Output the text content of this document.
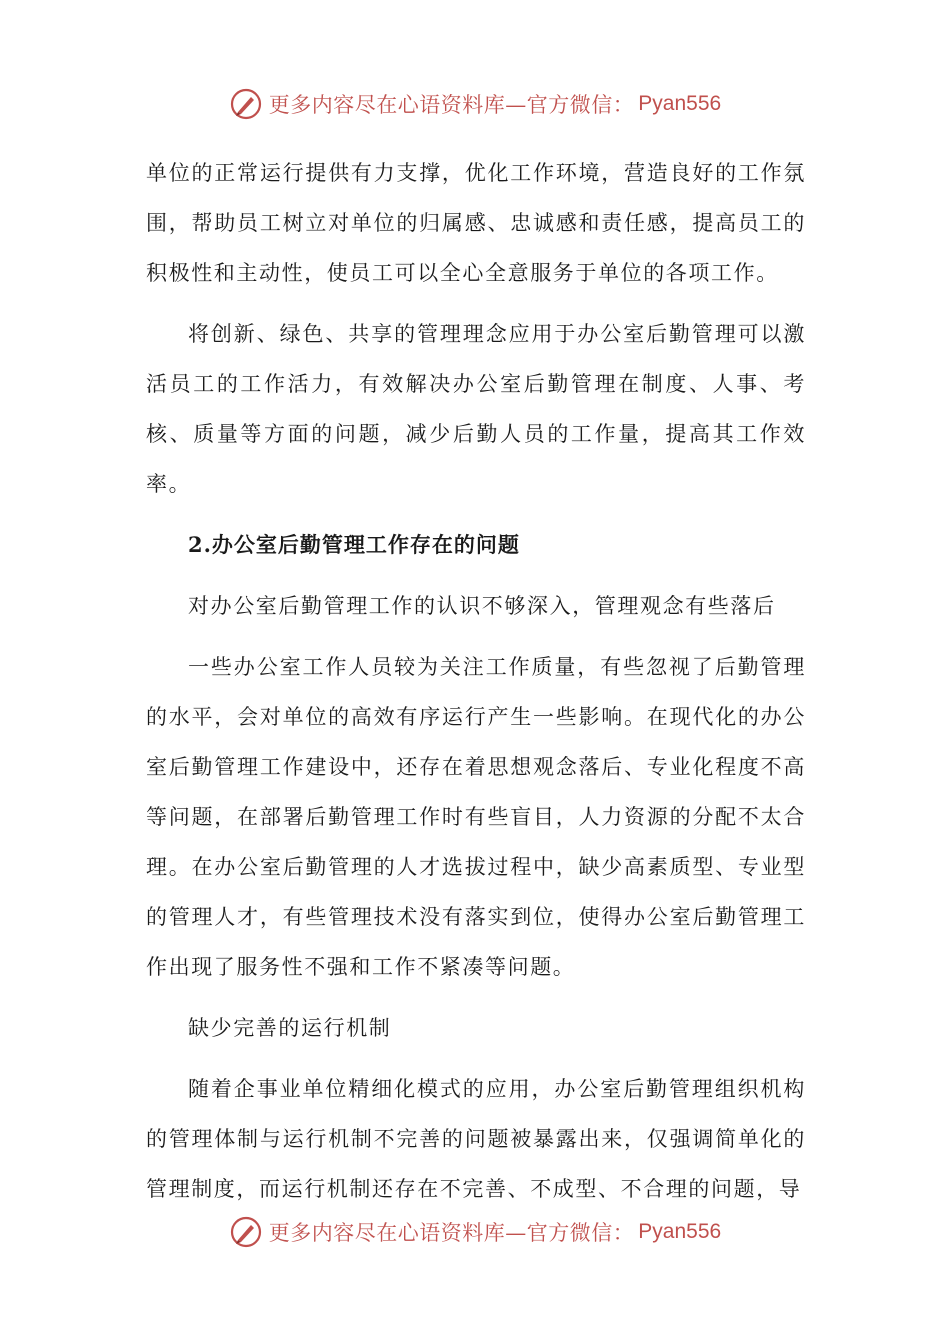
更多内容尽在心语资料库—官方微信： Pyan556

单位的正常运行提供有力支撑，优化工作环境，营造良好的工作氛围，帮助员工树立对单位的归属感、忠诚感和责任感，提高员工的积极性和主动性，使员工可以全心全意服务于单位的各项工作。

将创新、绿色、共享的管理理念应用于办公室后勤管理可以激活员工的工作活力，有效解决办公室后勤管理在制度、人事、考核、质量等方面的问题，减少后勤人员的工作量，提高其工作效率。

2.办公室后勤管理工作存在的问题

对办公室后勤管理工作的认识不够深入，管理观念有些落后

一些办公室工作人员较为关注工作质量，有些忽视了后勤管理的水平，会对单位的高效有序运行产生一些影响。在现代化的办公室后勤管理工作建设中，还存在着思想观念落后、专业化程度不高等问题，在部署后勤管理工作时有些盲目，人力资源的分配不太合理。在办公室后勤管理的人才选拔过程中，缺少高素质型、专业型的管理人才，有些管理技术没有落实到位，使得办公室后勤管理工作出现了服务性不强和工作不紧凑等问题。

缺少完善的运行机制

随着企事业单位精细化模式的应用，办公室后勤管理组织机构的管理体制与运行机制不完善的问题被暴露出来，仅强调简单化的管理制度，而运行机制还存在不完善、不成型、不合理的问题，导

更多内容尽在心语资料库—官方微信： Pyan556
